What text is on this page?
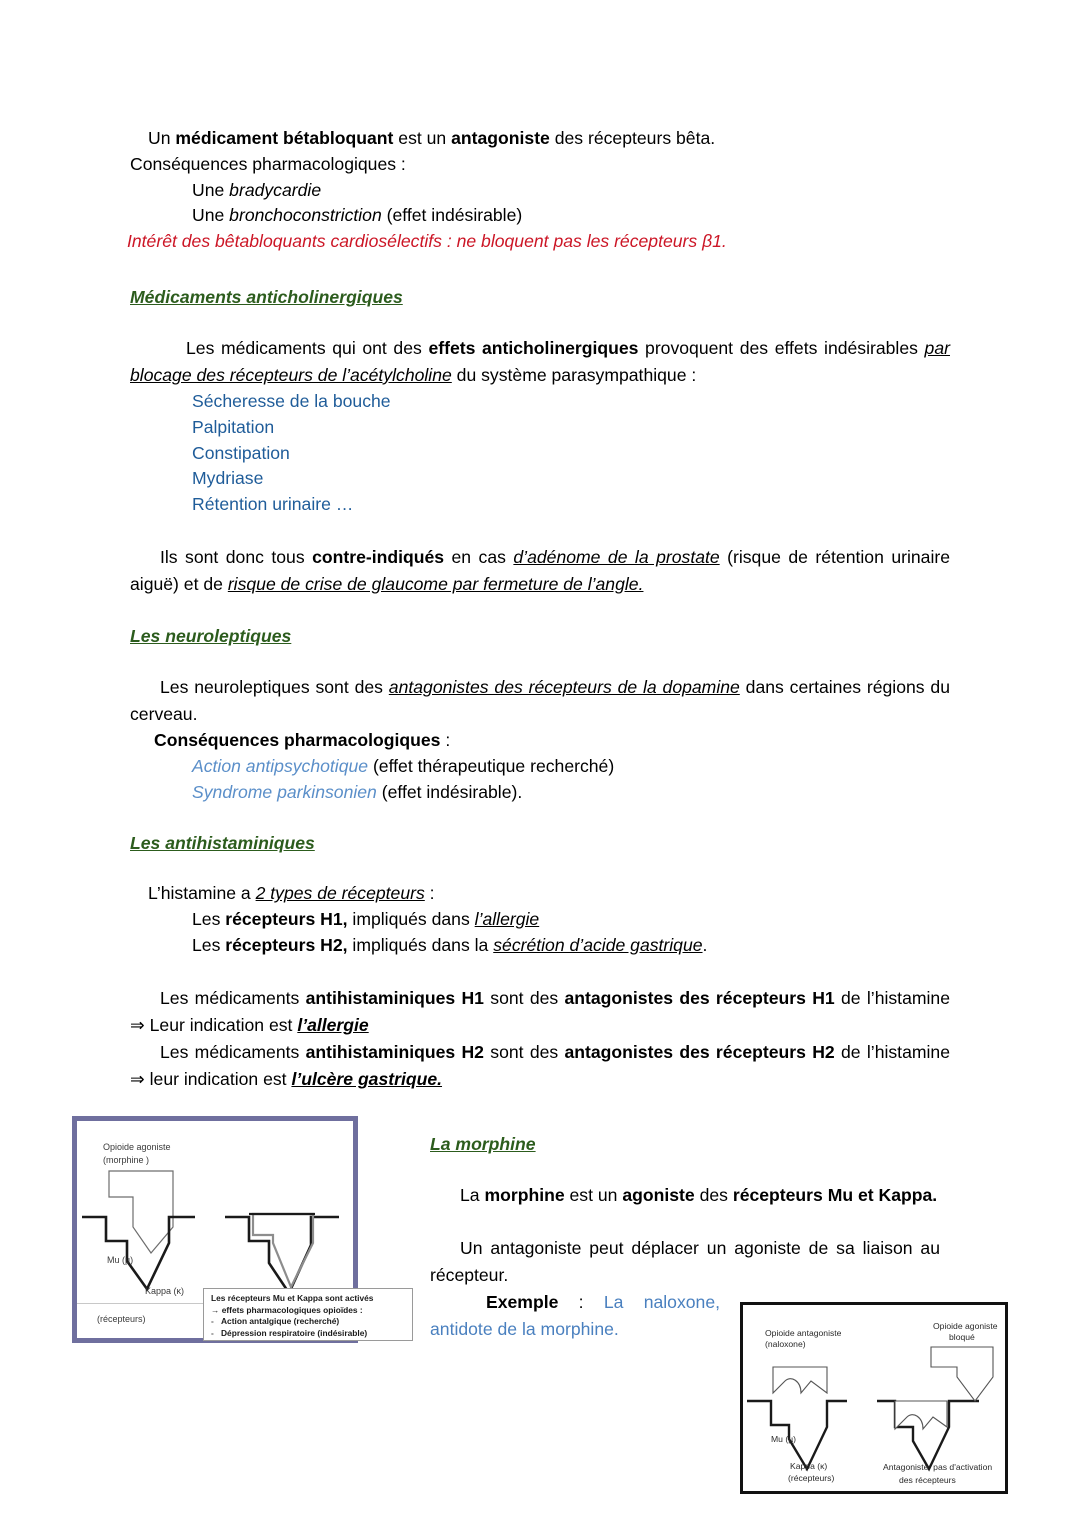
Un médicament bétabloquant est un antagoniste des récepteurs bêta.
Conséquences pharmacologiques :
Une bradycardie
Une bronchoconstriction (effet indésirable)
Intérêt des bêtabloquants cardiosélectifs : ne bloquent pas les récepteurs β1.
Médicaments anticholinergiques
Les médicaments qui ont des effets anticholinergiques provoquent des effets indésirables par blocage des récepteurs de l’acétylcholine du système parasympathique :
Sécheresse de la bouche
Palpitation
Constipation
Mydriase
Rétention urinaire …
Ils sont donc tous contre-indiqués en cas d’adénome de la prostate (risque de rétention urinaire aiguë) et de risque de crise de glaucome par fermeture de l’angle.
Les neuroleptiques
Les neuroleptiques sont des antagonistes des récepteurs de la dopamine dans certaines régions du cerveau.
Conséquences pharmacologiques :
Action antipsychotique (effet thérapeutique recherché)
Syndrome parkinsonien (effet indésirable).
Les antihistaminiques
L’histamine a 2 types de récepteurs :
Les récepteurs H1, impliqués dans l’allergie
Les récepteurs H2, impliqués dans la sécrétion d’acide gastrique.
Les médicaments antihistaminiques H1 sont des antagonistes des récepteurs H1 de l’histamine ⇒ Leur indication est l’allergie
Les médicaments antihistaminiques H2 sont des antagonistes des récepteurs H2 de l’histamine ⇒ leur indication est l’ulcère gastrique.
La morphine
La morphine est un agoniste des récepteurs Mu et Kappa.
Un antagoniste peut déplacer un agoniste de sa liaison au récepteur.
Exemple : La naloxone, antidote de la morphine.
Opioide agoniste
(morphine )
Mu (µ)
Kappa (κ)
(récepteurs)
Les récepteurs Mu et Kappa sont activés
→ effets pharmacologiques opioïdes :
- Action antalgique (recherché)
- Dépression respiratoire (indésirable)	Opioide antagoniste
(naloxone)
Opioide agoniste
bloqué
Mu (µ)
Kappa (κ)
(récepteurs)
Antagoniste: pas d'activation
des récepteurs
